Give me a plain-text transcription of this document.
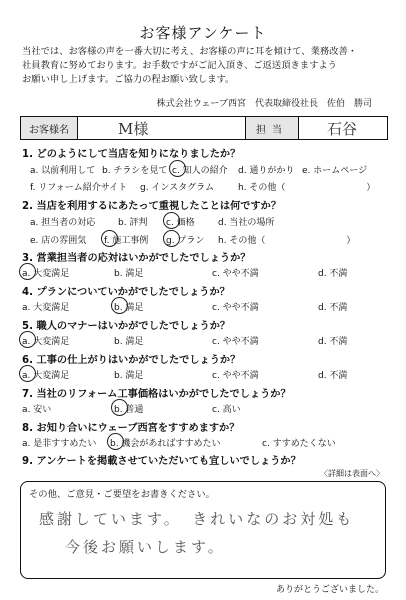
お客様アンケート
当社では、お客様の声を一番大切に考え、お客様の声に耳を傾けて、業務改善・
社員教育に努めております。お手数ですがご記入頂き、ご返送頂きますよう
お願い申し上げます。ご協力の程お願い致します。
株式会社ウェーブ西宮　代表取締役社長　佐伯　勝司
お客様名	M様	担当	石谷
1. どのようにして当店を知りになりましたか？
a. 以前利用して b. チラシを見て c. 知人の紹介 d. 通りがかり e. ホームページ
f. リフォーム紹介サイト g. インスタグラム	h. その他（　　　　　　　　　）
2. 当店を利用するにあたって重視したことは何ですか？
a. 担当者の対応	b. 評判 c. 価格	d. 当社の場所
e. 店の雰囲気 f. 施工事例 g. プラン h. その他（　　　　　　　　　）
3. 営業担当者の応対はいかがでしたでしょうか？
a. 大変満足	b. 満足	c. やや不満	d. 不満
4. プランについていかがでしたでしょうか？
a. 大変満足	b. 満足	c. やや不満	d. 不満
5. 職人のマナーはいかがでしたでしょうか？
a. 大変満足	b. 満足	c. やや不満	d. 不満
6. 工事の仕上がりはいかがでしたでしょうか？
a. 大変満足	b. 満足	c. やや不満	d. 不満
7. 当社のリフォーム工事価格はいかがでしたでしょうか？
a. 安い	b. 普通	c. 高い
8. お知り合いにウェーブ西宮をすすめますか？
a. 是非すすめたい b. 機会があればすすめたい	c. すすめたくない
9. アンケートを掲載させていただいても宜しいでしょうか？
〈詳細は表面へ〉
その他、ご意見・ご要望をお書きください。
感謝しています。　きれいなのお対処も
今後お願いします。
ありがとうございました。
